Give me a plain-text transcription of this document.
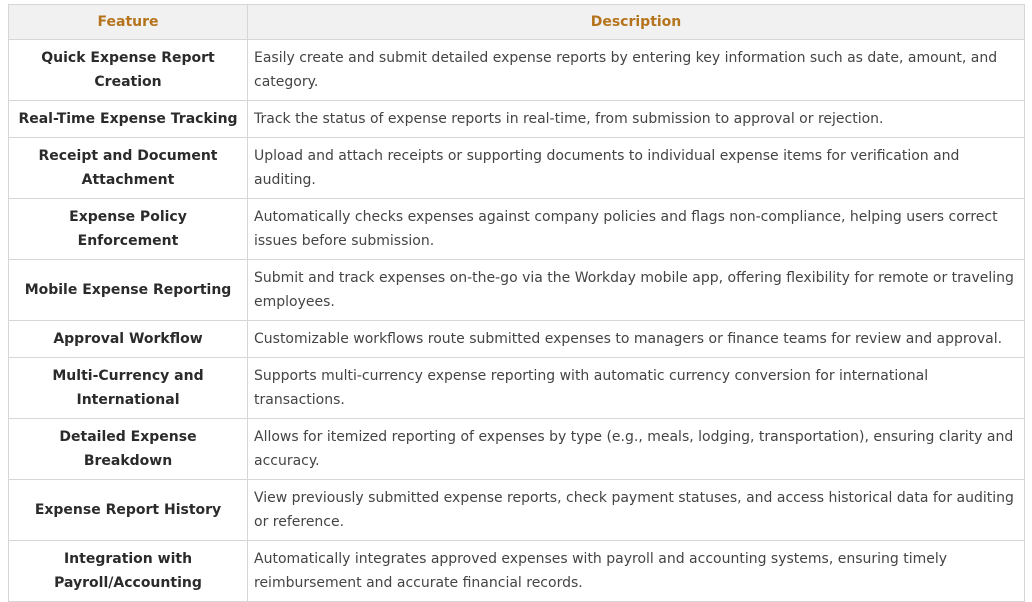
Feature	Description
Quick Expense Report Creation	Easily create and submit detailed expense reports by entering key information such as date, amount, and category.
Real-Time Expense Tracking	Track the status of expense reports in real-time, from submission to approval or rejection.
Receipt and Document Attachment	Upload and attach receipts or supporting documents to individual expense items for verification and auditing.
Expense Policy Enforcement	Automatically checks expenses against company policies and flags non-compliance, helping users correct issues before submission.
Mobile Expense Reporting	Submit and track expenses on-the-go via the Workday mobile app, offering flexibility for remote or traveling employees.
Approval Workflow	Customizable workflows route submitted expenses to managers or finance teams for review and approval.
Multi-Currency and International	Supports multi-currency expense reporting with automatic currency conversion for international transactions.
Detailed Expense Breakdown	Allows for itemized reporting of expenses by type (e.g., meals, lodging, transportation), ensuring clarity and accuracy.
Expense Report History	View previously submitted expense reports, check payment statuses, and access historical data for auditing or reference.
Integration with Payroll/Accounting	Automatically integrates approved expenses with payroll and accounting systems, ensuring timely reimbursement and accurate financial records.
